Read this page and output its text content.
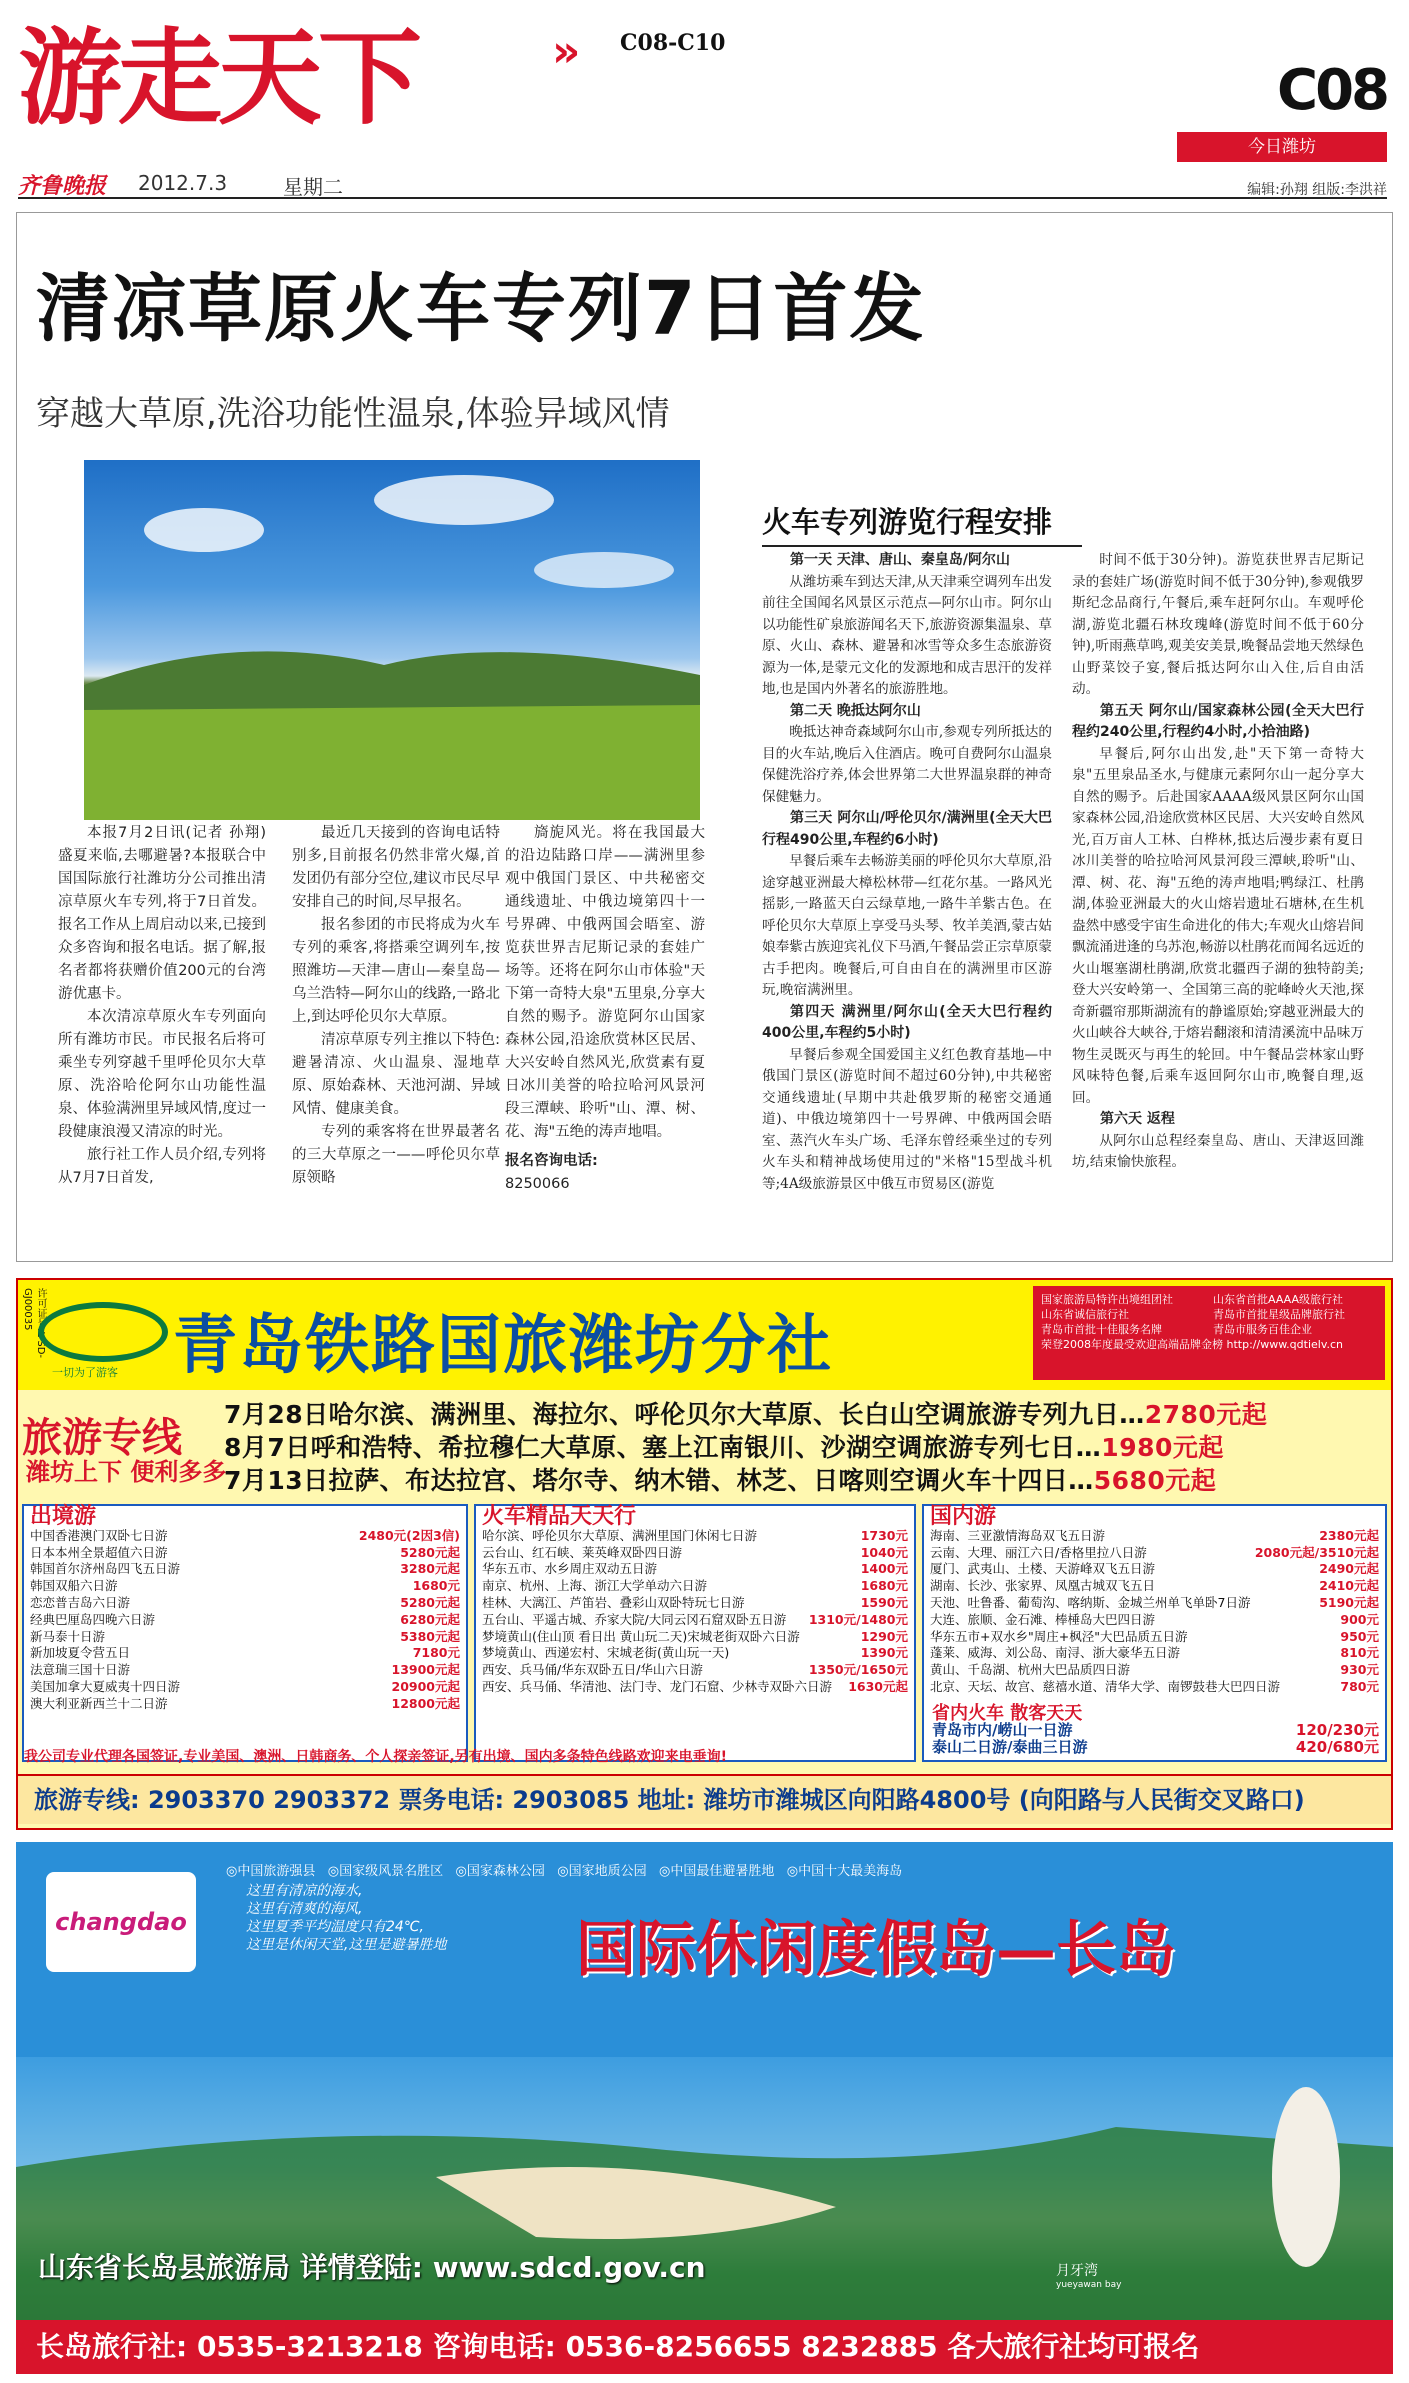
游走天下	» C08-C10
C08
今日潍坊
齐鲁晚报 2012.7.3	星期二	编辑:孙翔 组版:李洪祥
清凉草原火车专列7日首发
穿越大草原,洗浴功能性温泉,体验异域风情

本报7月2日讯(记者 孙翔)盛夏来临,去哪避暑?本报联合中国国际旅行社潍坊分公司推出清凉草原火车专列,将于7日首发。报名工作从上周启动以来,已接到众多咨询和报名电话。据了解,报名者都将获赠价值200元的台湾游优惠卡。

本次清凉草原火车专列面向所有潍坊市民。市民报名后将可乘坐专列穿越千里呼伦贝尔大草原、洗浴哈伦阿尔山功能性温泉、体验满洲里异域风情,度过一段健康浪漫又清凉的时光。

旅行社工作人员介绍,专列将从7月7日首发,

最近几天接到的咨询电话特别多,目前报名仍然非常火爆,首发团仍有部分空位,建议市民尽早安排自己的时间,尽早报名。

报名参团的市民将成为火车专列的乘客,将搭乘空调列车,按照潍坊—天津—唐山—秦皇岛—乌兰浩特—阿尔山的线路,一路北上,到达呼伦贝尔大草原。

清凉草原专列主推以下特色:避暑清凉、火山温泉、湿地草原、原始森林、天池河湖、异域风情、健康美食。

专列的乘客将在世界最著名的三大草原之一——呼伦贝尔草原领略

旖旎风光。将在我国最大的沿边陆路口岸——满洲里参观中俄国门景区、中共秘密交通线遗址、中俄边境第四十一号界碑、中俄两国会晤室、游览获世界吉尼斯记录的套娃广场等。还将在阿尔山市体验"天下第一奇特大泉"五里泉,分享大自然的赐予。游览阿尔山国家森林公园,沿途欣赏林区民居、大兴安岭自然风光,欣赏素有夏日冰川美誉的哈拉哈河风景河段三潭峡、聆听"山、潭、树、花、海"五绝的涛声地唱。

报名咨询电话:
8250066
火车专列游览行程安排
第一天 天津、唐山、秦皇岛/阿尔山

从潍坊乘车到达天津,从天津乘空调列车出发前往全国闻名风景区示范点—阿尔山市。阿尔山以功能性矿泉旅游闻名天下,旅游资源集温泉、草原、火山、森林、避暑和冰雪等众多生态旅游资源为一体,是蒙元文化的发源地和成吉思汗的发祥地,也是国内外著名的旅游胜地。

第二天 晚抵达阿尔山

晚抵达神奇森域阿尔山市,参观专列所抵达的目的火车站,晚后入住酒店。晚可自费阿尔山温泉保健洗浴疗养,体会世界第二大世界温泉群的神奇保健魅力。

第三天 阿尔山/呼伦贝尔/满洲里(全天大巴行程490公里,车程约6小时)

早餐后乘车去畅游美丽的呼伦贝尔大草原,沿途穿越亚洲最大樟松林带—红花尔基。一路风光摇影,一路蓝天白云绿草地,一路牛羊紫古色。在呼伦贝尔大草原上享受马头琴、牧羊美酒,蒙古姑娘奉紫古族迎宾礼仪下马酒,午餐品尝正宗草原蒙古手把肉。晚餐后,可自由自在的满洲里市区游玩,晚宿满洲里。

第四天 满洲里/阿尔山(全天大巴行程约400公里,车程约5小时)

早餐后参观全国爱国主义红色教育基地—中俄国门景区(游览时间不超过60分钟),中共秘密交通线遗址(早期中共赴俄罗斯的秘密交通通道)、中俄边境第四十一号界碑、中俄两国会晤室、蒸汽火车头广场、毛泽东曾经乘坐过的专列火车头和精神战场使用过的"米格"15型战斗机等;4A级旅游景区中俄互市贸易区(游览

时间不低于30分钟)。游览获世界吉尼斯记录的套娃广场(游览时间不低于30分钟),参观俄罗斯纪念品商行,午餐后,乘车赶阿尔山。车观呼伦湖,游览北疆石林玫瑰峰(游览时间不低于60分钟),听雨燕草鸣,观美安美景,晚餐品尝地天然绿色山野菜饺子宴,餐后抵达阿尔山入住,后自由活动。

第五天 阿尔山/国家森林公园(全天大巴行程约240公里,行程约4小时,小拾油路)

早餐后,阿尔山出发,赴"天下第一奇特大泉"五里泉品圣水,与健康元素阿尔山一起分享大自然的赐予。后赴国家AAAA级风景区阿尔山国家森林公园,沿途欣赏林区民居、大兴安岭自然风光,百万亩人工林、白桦林,抵达后漫步素有夏日冰川美誉的哈拉哈河风景河段三潭峡,聆听"山、潭、树、花、海"五绝的涛声地唱;鸭绿江、杜鹃湖,体验亚洲最大的火山熔岩遗址石塘林,在生机盎然中感受宇宙生命进化的伟大;车观火山熔岩间飘流涌进逢的乌苏泡,畅游以杜鹃花而闻名远近的火山堰塞湖杜鹃湖,欣赏北疆西子湖的独特韵美;登大兴安岭第一、全国第三高的驼峰岭火天池,探奇新疆帘那斯湖流有的静谧原始;穿越亚洲最大的火山峡谷大峡谷,于熔岩翻滚和清清溪流中品味万物生灵既灭与再生的轮回。中午餐品尝林家山野风味特色餐,后乘车返回阿尔山市,晚餐自理,返回。

第六天 返程

从阿尔山总程经秦皇岛、唐山、天津返回潍坊,结束愉快旅程。

许可证号:L-SD-GJ00035
一切为了游客 青岛铁路国旅潍坊分社
国家旅游局特许出境组团社	山东省首批AAAA级旅行社
山东省诚信旅行社	青岛市首批星级品牌旅行社
青岛市首批十佳服务名牌	青岛市服务百佳企业
荣登2008年度最受欢迎高端品牌金榜 http://www.qdtielv.cn
旅游专线
潍坊上下 便利多多
7月28日哈尔滨、满洲里、海拉尔、呼伦贝尔大草原、长白山空调旅游专列九日…2780元起
8月7日呼和浩特、希拉穆仁大草原、塞上江南银川、沙湖空调旅游专列七日…1980元起
7月13日拉萨、布达拉宫、塔尔寺、纳木错、林芝、日喀则空调火车十四日…5680元起
出境游
中国香港澳门双卧七日游	2480元(2因3信)
日本本州全景超值六日游	5280元起
韩国首尔济州岛四飞五日游	3280元起
韩国双船六日游	1680元
恋恋普吉岛六日游	5280元起
经典巴厘岛四晚六日游	6280元起
新马泰十日游	5380元起
新加坡夏令营五日	7180元
法意瑞三国十日游	13900元起
美国加拿大夏威夷十四日游	20900元起
澳大利亚新西兰十二日游	12800元起
火车精品天天行
哈尔滨、呼伦贝尔大草原、满洲里国门休闲七日游	1730元
云台山、红石峡、莱英峰双卧四日游	1040元
华东五市、水乡周庄双动五日游	1400元
南京、杭州、上海、浙江大学单动六日游	1680元
桂林、大漓江、芦笛岩、叠彩山双卧特玩七日游	1590元
五台山、平遥古城、乔家大院/大同云冈石窟双卧五日游 1310元/1480元
梦境黄山(住山顶 看日出 黄山玩二天)宋城老街双卧六日游	1290元
梦境黄山、西递宏村、宋城老街(黄山玩一天)	1390元
西安、兵马俑/华东双卧五日/华山六日游	1350元/1650元
西安、兵马俑、华清池、法门寺、龙门石窟、少林寺双卧六日游 1630元起
国内游
海南、三亚激情海岛双飞五日游	2380元起
云南、大理、丽江六日/香格里拉八日游	2080元起/3510元起
厦门、武夷山、土楼、天游峰双飞五日游	2490元起
湖南、长沙、张家界、凤凰古城双飞五日	2410元起
天池、吐鲁番、葡萄沟、喀纳斯、金城兰州单飞单卧7日游	5190元起
大连、旅顺、金石滩、棒棰岛大巴四日游	900元
华东五市+双水乡"周庄+枫泾"大巴品质五日游	950元
蓬莱、威海、刘公岛、南浔、浙大豪华五日游	810元
黄山、千岛湖、杭州大巴品质四日游	930元
北京、天坛、故宫、慈禧水道、清华大学、南锣鼓巷大巴四日游	780元
省内火车 散客天天
青岛市内/崂山一日游	120/230元
泰山二日游/泰曲三日游	420/680元
我公司专业代理各国签证,专业美国、澳洲、日韩商务、个人探亲签证,另有出境、国内多条特色线路欢迎来电垂询!
旅游专线: 2903370 2903372 票务电话: 2903085 地址: 潍坊市潍城区向阳路4800号 (向阳路与人民街交叉路口)
changdao
◎中国旅游强县 ◎国家级风景名胜区 ◎国家森林公园 ◎国家地质公园 ◎中国最佳避暑胜地 ◎中国十大最美海岛
这里有清凉的海水,
这里有清爽的海风,
这里夏季平均温度只有24℃,
这里是休闲天堂,这里是避暑胜地 国际休闲度假岛—长岛
山东省长岛县旅游局 详情登陆: www.sdcd.gov.cn	月牙湾
yueyawan bay
长岛旅行社: 0535-3213218 咨询电话: 0536-8256655 8232885 各大旅行社均可报名
